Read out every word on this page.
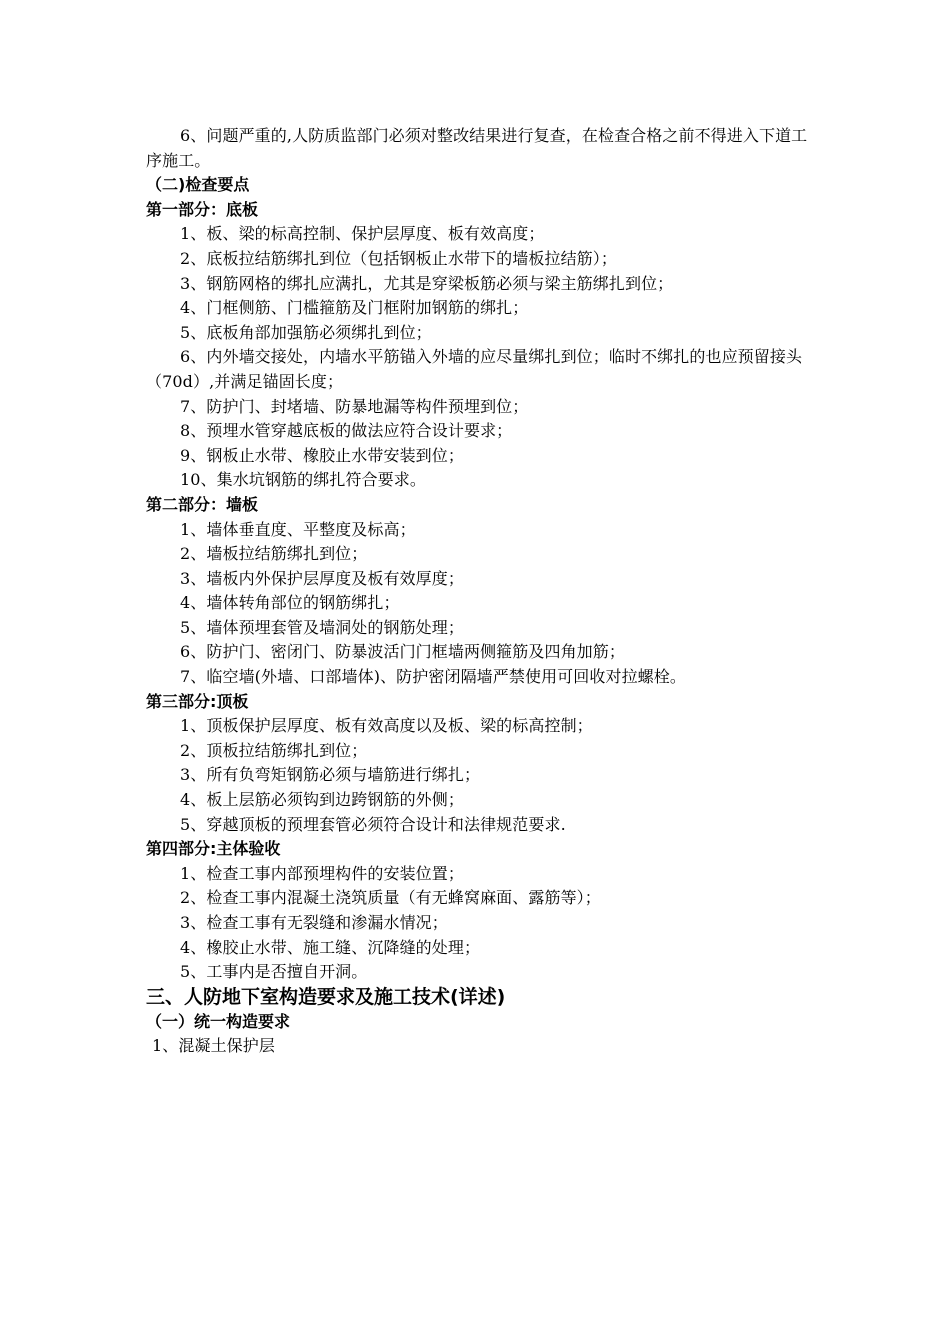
6、问题严重的,人防质监部门必须对整改结果进行复查，在检查合格之前不得进入下道工序施工。
（二)检查要点
第一部分：底板
1、板、梁的标高控制、保护层厚度、板有效高度；
2、底板拉结筋绑扎到位（包括钢板止水带下的墙板拉结筋）；
3、钢筋网格的绑扎应满扎，尤其是穿梁板筋必须与梁主筋绑扎到位；
4、门框侧筋、门槛箍筋及门框附加钢筋的绑扎；
5、底板角部加强筋必须绑扎到位；
6、内外墙交接处，内墙水平筋锚入外墙的应尽量绑扎到位；临时不绑扎的也应预留接头（70d）,并满足锚固长度；
7、防护门、封堵墙、防暴地漏等构件预埋到位；
8、预埋水管穿越底板的做法应符合设计要求；
9、钢板止水带、橡胶止水带安装到位；
10、集水坑钢筋的绑扎符合要求。
第二部分：墙板
1、墙体垂直度、平整度及标高；
2、墙板拉结筋绑扎到位；
3、墙板内外保护层厚度及板有效厚度；
4、墙体转角部位的钢筋绑扎；
5、墙体预埋套管及墙洞处的钢筋处理；
6、防护门、密闭门、防暴波活门门框墙两侧箍筋及四角加筋；
7、临空墙(外墙、口部墙体)、防护密闭隔墙严禁使用可回收对拉螺栓。
第三部分:顶板
1、顶板保护层厚度、板有效高度以及板、梁的标高控制；
2、顶板拉结筋绑扎到位；
3、所有负弯矩钢筋必须与墙筋进行绑扎；
4、板上层筋必须钩到边跨钢筋的外侧；
5、穿越顶板的预埋套管必须符合设计和法律规范要求.
第四部分:主体验收
1、检查工事内部预埋构件的安装位置；
2、检查工事内混凝土浇筑质量（有无蜂窝麻面、露筋等）；
3、检查工事有无裂缝和渗漏水情况；
4、橡胶止水带、施工缝、沉降缝的处理；
5、工事内是否擅自开洞。
三、人防地下室构造要求及施工技术(详述)
（一）统一构造要求
1、混凝土保护层
